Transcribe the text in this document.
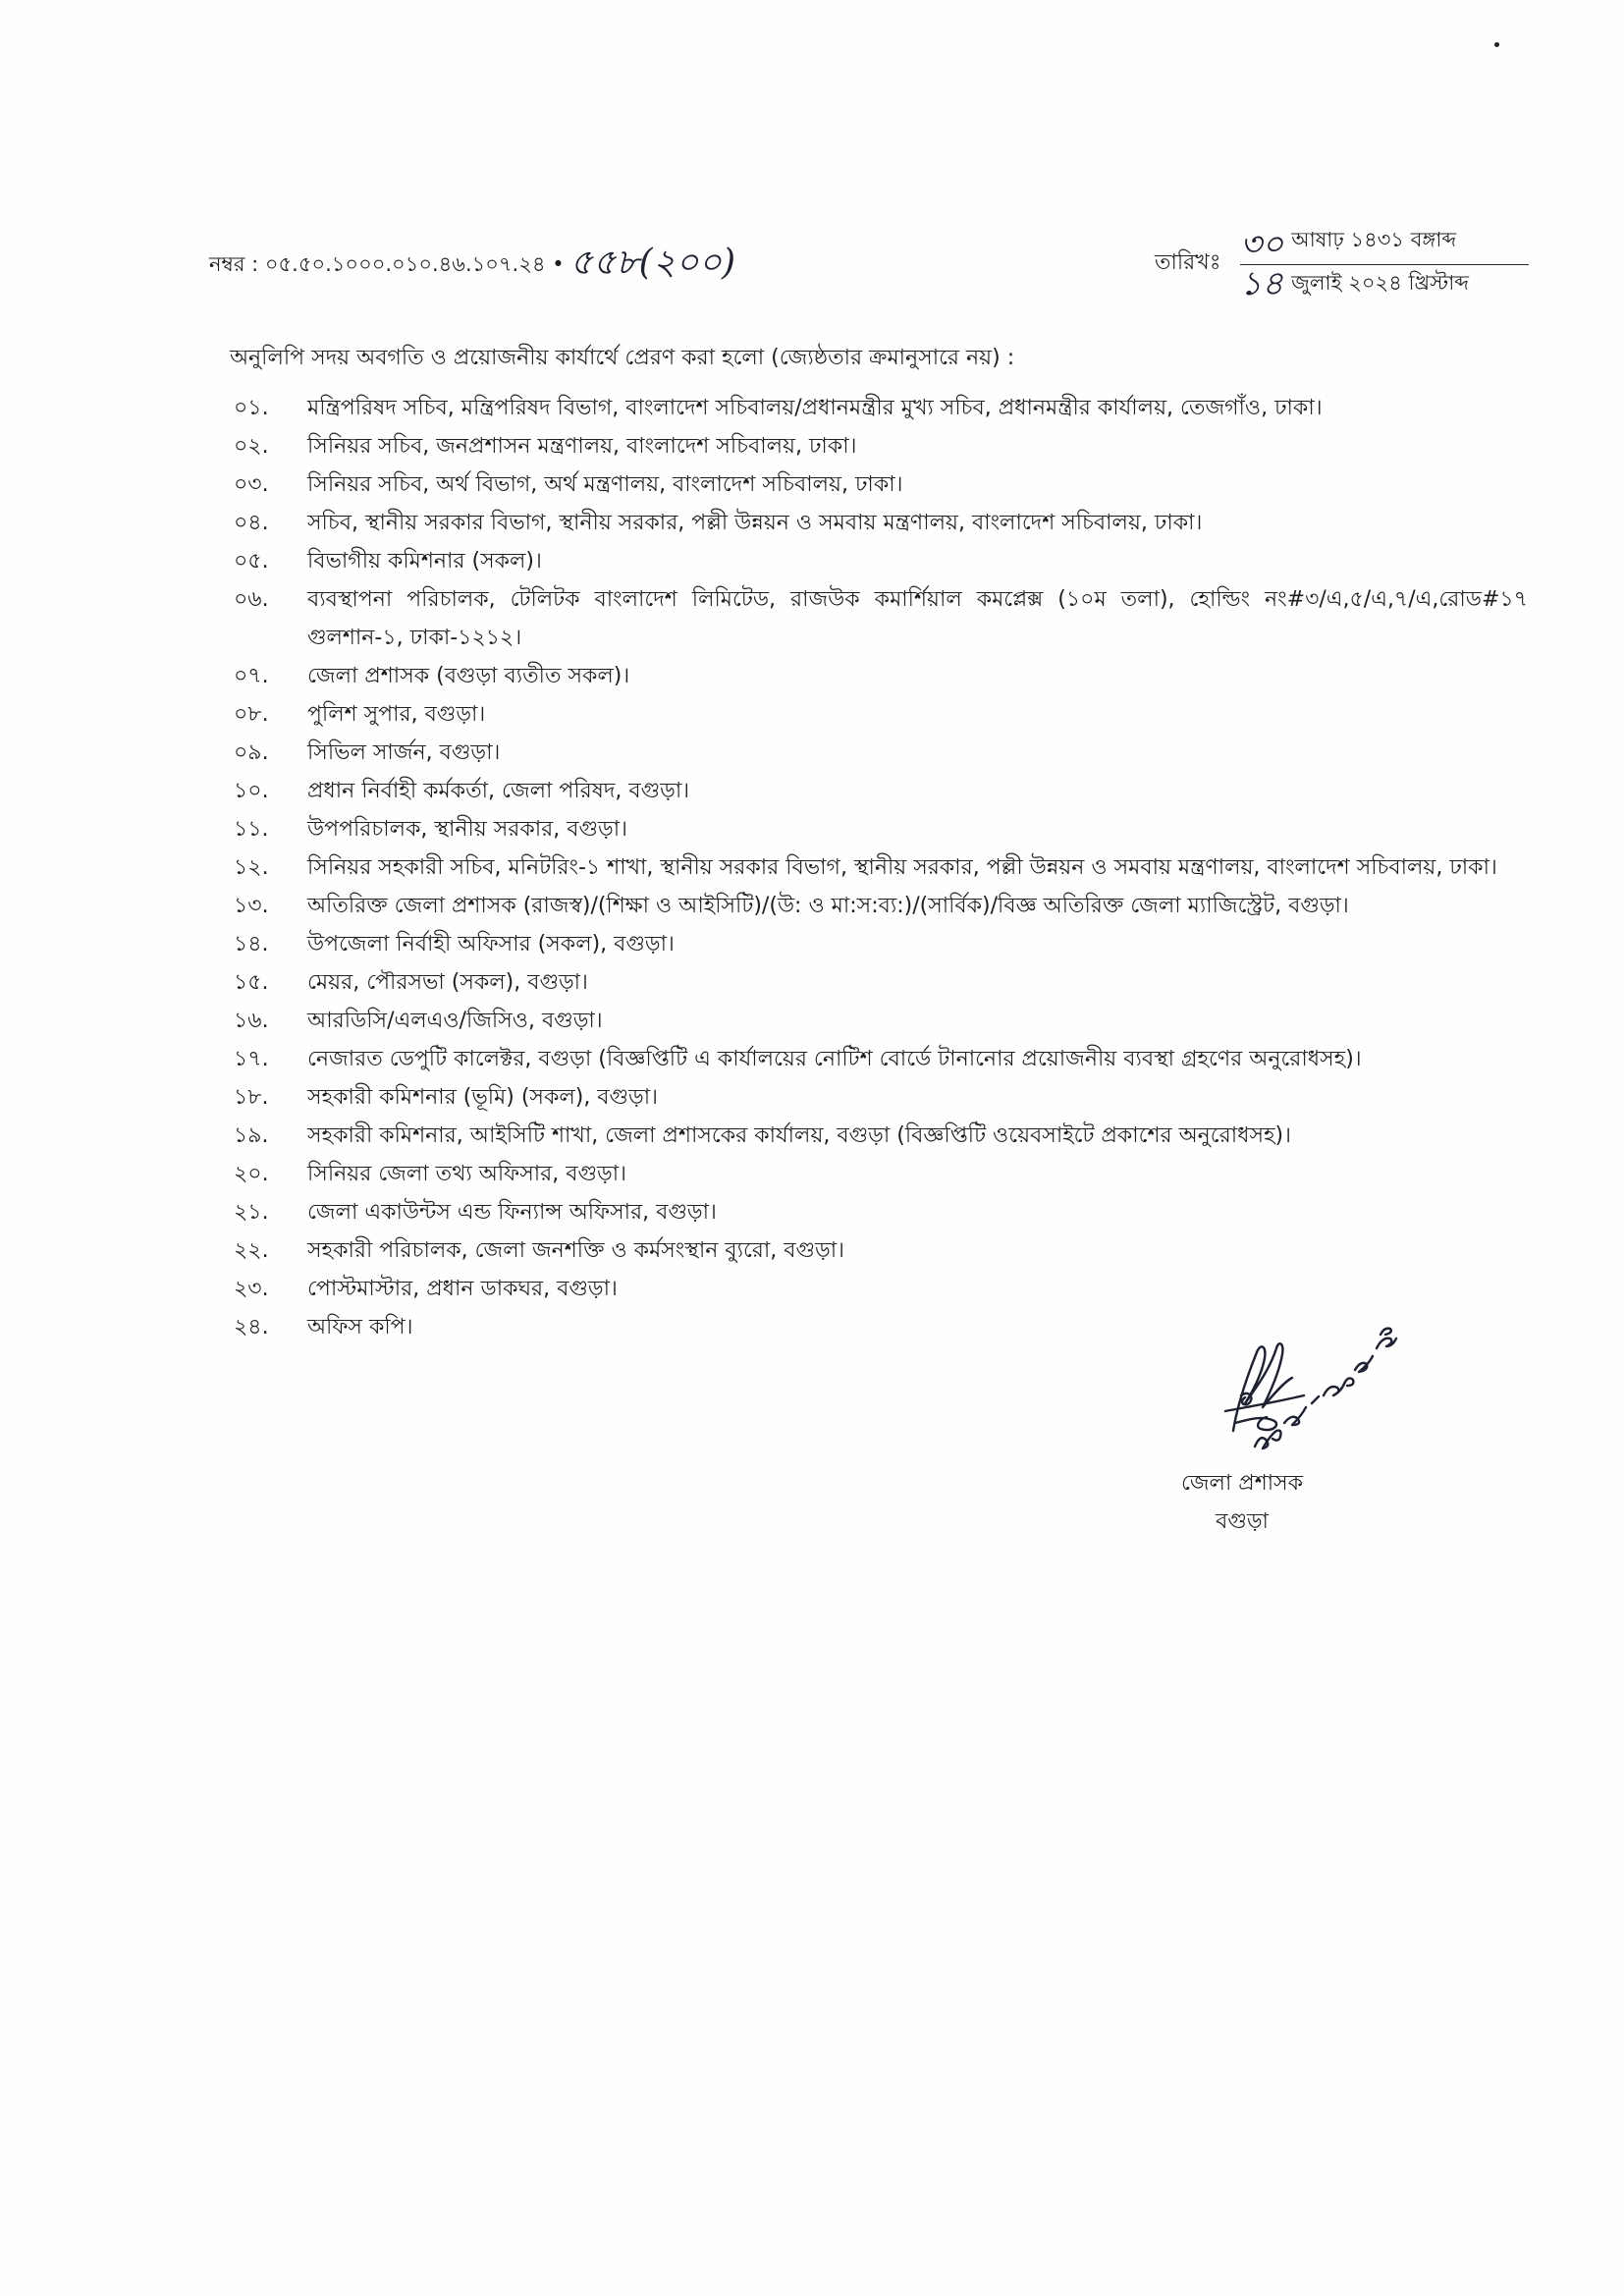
নম্বর : ০৫.৫০.১০০০.০১০.৪৬.১০৭.২৪ • ৫৫৮(২০০)	তারিখঃ ৩০ আষাঢ় ১৪৩১ বঙ্গাব্দ
১৪ জুলাই ২০২৪ খ্রিস্টাব্দ
অনুলিপি সদয় অবগতি ও প্রয়োজনীয় কার্যার্থে প্রেরণ করা হলো (জ্যেষ্ঠতার ক্রমানুসারে নয়) :
০১.	মন্ত্রিপরিষদ সচিব, মন্ত্রিপরিষদ বিভাগ, বাংলাদেশ সচিবালয়/প্রধানমন্ত্রীর মুখ্য সচিব, প্রধানমন্ত্রীর কার্যালয়, তেজগাঁও, ঢাকা।
০২.	সিনিয়র সচিব, জনপ্রশাসন মন্ত্রণালয়, বাংলাদেশ সচিবালয়, ঢাকা।
০৩.	সিনিয়র সচিব, অর্থ বিভাগ, অর্থ মন্ত্রণালয়, বাংলাদেশ সচিবালয়, ঢাকা।
০৪.	সচিব, স্থানীয় সরকার বিভাগ, স্থানীয় সরকার, পল্লী উন্নয়ন ও সমবায় মন্ত্রণালয়, বাংলাদেশ সচিবালয়, ঢাকা।
০৫.	বিভাগীয় কমিশনার (সকল)।
০৬.	ব্যবস্থাপনা পরিচালক, টেলিটক বাংলাদেশ লিমিটেড, রাজউক কমার্শিয়াল কমপ্লেক্স (১০ম তলা), হোল্ডিং নং#৩/এ,৫/এ,৭/এ,রোড#১৭ গুলশান-১, ঢাকা-১২১২।
০৭.	জেলা প্রশাসক (বগুড়া ব্যতীত সকল)।
০৮.	পুলিশ সুপার, বগুড়া।
০৯.	সিভিল সার্জন, বগুড়া।
১০.	প্রধান নির্বাহী কর্মকর্তা, জেলা পরিষদ, বগুড়া।
১১.	উপপরিচালক, স্থানীয় সরকার, বগুড়া।
১২.	সিনিয়র সহকারী সচিব, মনিটরিং-১ শাখা, স্থানীয় সরকার বিভাগ, স্থানীয় সরকার, পল্লী উন্নয়ন ও সমবায় মন্ত্রণালয়, বাংলাদেশ সচিবালয়, ঢাকা।
১৩.	অতিরিক্ত জেলা প্রশাসক (রাজস্ব)/(শিক্ষা ও আইসিটি)/(উ: ও মা:স:ব্য:)/(সার্বিক)/বিজ্ঞ অতিরিক্ত জেলা ম্যাজিস্ট্রেট, বগুড়া।
১৪.	উপজেলা নির্বাহী অফিসার (সকল), বগুড়া।
১৫.	মেয়র, পৌরসভা (সকল), বগুড়া।
১৬.	আরডিসি/এলএও/জিসিও, বগুড়া।
১৭.	নেজারত ডেপুটি কালেক্টর, বগুড়া (বিজ্ঞপ্তিটি এ কার্যালয়ের নোটিশ বোর্ডে টানানোর প্রয়োজনীয় ব্যবস্থা গ্রহণের অনুরোধসহ)।
১৮.	সহকারী কমিশনার (ভূমি) (সকল), বগুড়া।
১৯.	সহকারী কমিশনার, আইসিটি শাখা, জেলা প্রশাসকের কার্যালয়, বগুড়া (বিজ্ঞপ্তিটি ওয়েবসাইটে প্রকাশের অনুরোধসহ)।
২০.	সিনিয়র জেলা তথ্য অফিসার, বগুড়া।
২১.	জেলা একাউন্টস এন্ড ফিন্যান্স অফিসার, বগুড়া।
২২.	সহকারী পরিচালক, জেলা জনশক্তি ও কর্মসংস্থান ব্যুরো, বগুড়া।
২৩.	পোস্টমাস্টার, প্রধান ডাকঘর, বগুড়া।
২৪.	অফিস কপি।
জেলা প্রশাসক
বগুড়া
